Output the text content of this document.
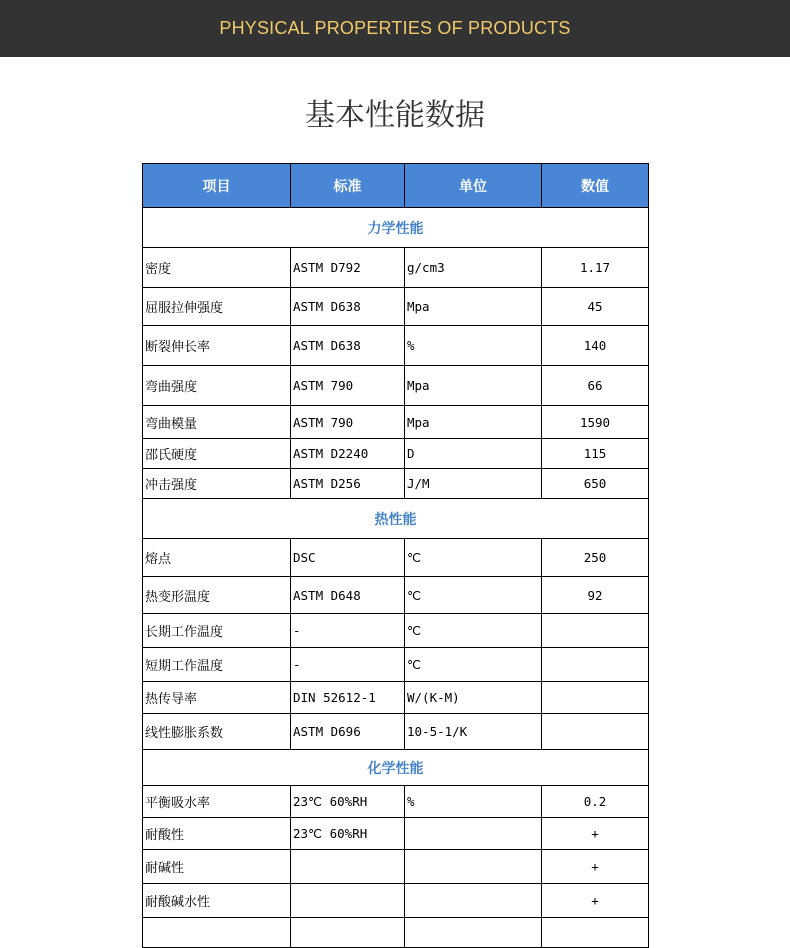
PHYSICAL PROPERTIES OF PRODUCTS
基本性能数据
项目	标准	单位	数值
力学性能			
密度	ASTM D792	g/cm3	1.17
屈服拉伸强度	ASTM D638	Mpa	45
断裂伸长率	ASTM D638	%	140
弯曲强度	ASTM 790	Mpa	66
弯曲模量	ASTM 790	Mpa	1590
邵氏硬度	ASTM D2240	D	115
冲击强度	ASTM D256	J/M	650
热性能			
熔点	DSC	℃	250
热变形温度	ASTM D648	℃	92
长期工作温度	-	℃	
短期工作温度	-	℃	
热传导率	DIN 52612-1	W/(K-M)	
线性膨胀系数	ASTM D696	10-5-1/K	
化学性能			
平衡吸水率	23℃ 60%RH	%	0.2
耐酸性	23℃ 60%RH		+
耐碱性			+
耐酸碱水性			+
